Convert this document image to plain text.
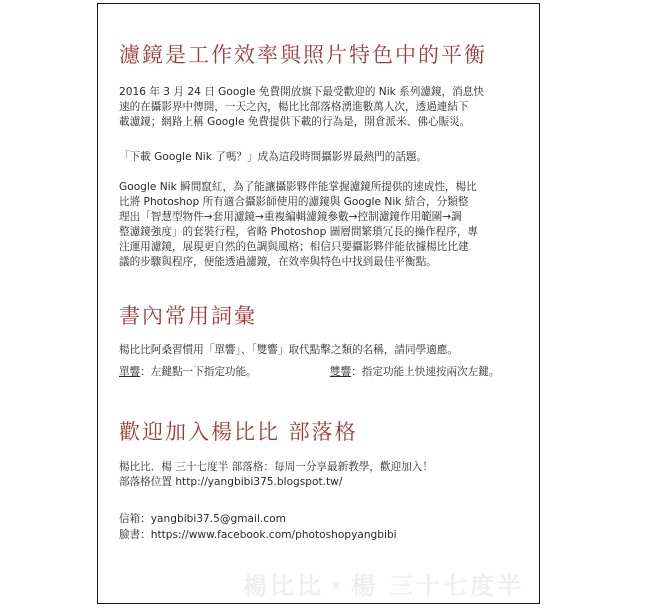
濾鏡是工作效率與照片特色中的平衡
2016 年 3 月 24 日 Google 免費開放旗下最受歡迎的 Nik 系列濾鏡，消息快
速的在攝影界中傳開，一天之內，楊比比部落格湧進數萬人次，透過連結下
載濾鏡；網路上稱 Google 免費提供下載的行為是，開倉派米、佛心賑災。
「下載 Google Nik 了嗎？」成為這段時間攝影界最熱門的話題。
Google Nik 瞬間竄紅，為了能讓攝影夥伴能掌握濾鏡所提供的速成性，楊比
比將 Photoshop 所有適合攝影師使用的濾鏡與 Google Nik 結合，分類整
理出「智慧型物件→套用濾鏡→重複編輯濾鏡參數→控制濾鏡作用範圍→調
整濾鏡強度」的套裝行程，省略 Photoshop 圖層間繁瑣冗長的操作程序，專
注運用濾鏡，展現更自然的色調與風格；相信只要攝影夥伴能依據楊比比建
議的步驟與程序，便能透過濾鏡，在效率與特色中找到最佳平衡點。
書內常用詞彙
楊比比阿桑習慣用「單響」、「雙響」取代點擊之類的名稱，請同學適應。
單響：左鍵點一下指定功能。	雙響：指定功能上快速按兩次左鍵。
歡迎加入楊比比 部落格
楊比比．楊 三十七度半 部落格：每周一分享最新教學，歡迎加入！
部落格位置 http://yangbibi375.blogspot.tw/
信箱：yangbibi37.5@gmail.com
臉書：https://www.facebook.com/photoshopyangbibi
楊比比・楊 三十七度半
